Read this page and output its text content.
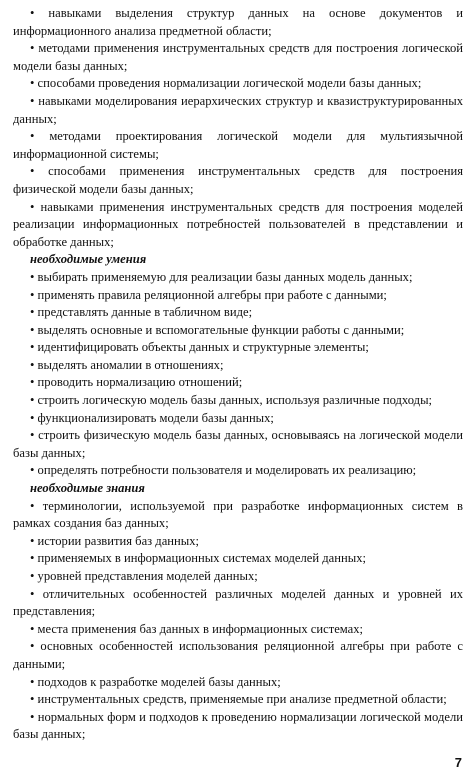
• навыками выделения структур данных на основе документов и информационного анализа предметной области;

• методами применения инструментальных средств для построения логической модели базы данных;

• способами проведения нормализации логической модели базы данных;

• навыками моделирования иерархических структур и квазиструктурированных данных;

• методами проектирования логической модели для мультиязычной информационной системы;

• способами применения инструментальных средств для построения физической модели базы данных;

• навыками применения инструментальных средств для построения моделей реализации информационных потребностей пользователей в представлении и обработке данных;

необходимые умения

• выбирать применяемую для реализации базы данных модель данных;

• применять правила реляционной алгебры при работе с данными;

• представлять данные в табличном виде;

• выделять основные и вспомогательные функции работы с данными;

• идентифицировать объекты данных и структурные элементы;

• выделять аномалии в отношениях;

• проводить нормализацию отношений;

• строить логическую модель базы данных, используя различные подходы;

• функционализировать модели базы данных;

• строить физическую модель базы данных, основываясь на логической модели базы данных;

• определять потребности пользователя и моделировать их реализацию;

необходимые знания

• терминологии, используемой при разработке информационных систем в рамках создания баз данных;

• истории развития баз данных;

• применяемых в информационных системах моделей данных;

• уровней представления моделей данных;

• отличительных особенностей различных моделей данных и уровней их представления;

• места применения баз данных в информационных системах;

• основных особенностей использования реляционной алгебры при работе с данными;

• подходов к разработке моделей базы данных;

• инструментальных средств, применяемые при анализе предметной области;

• нормальных форм и подходов к проведению нормализации логической модели базы данных;

7
